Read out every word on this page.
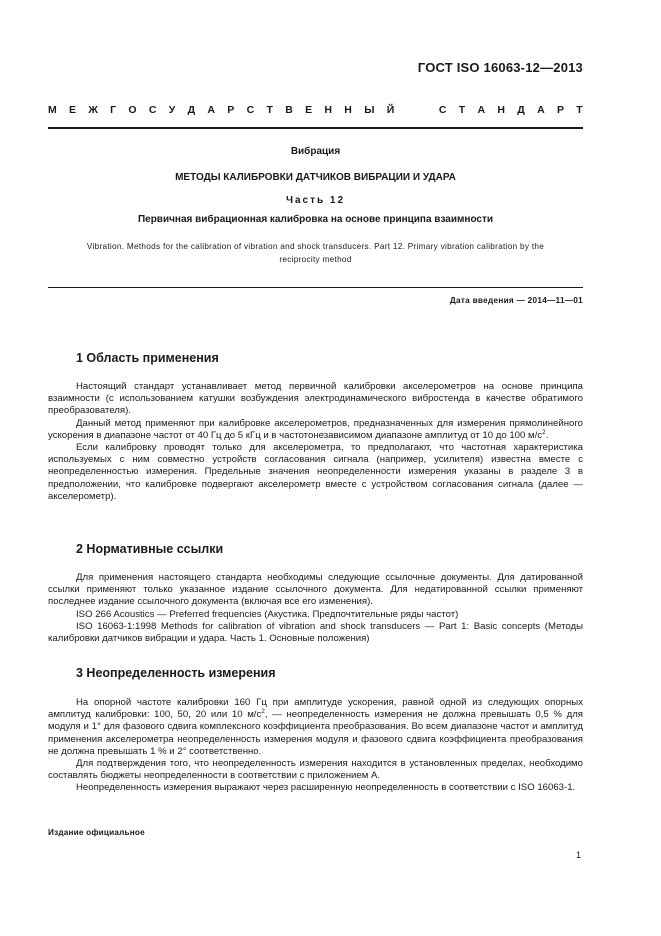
ГОСТ ISO 16063-12—2013
М Е Ж Г О С У Д А Р С Т В Е Н Н Ы Й	С Т А Н Д А Р Т
Вибрация
МЕТОДЫ КАЛИБРОВКИ ДАТЧИКОВ ВИБРАЦИИ И УДАРА
Часть 12
Первичная вибрационная калибровка на основе принципа взаимности
Vibration. Methods for the calibration of vibration and shock transducers. Part 12. Primary vibration calibration by the reciprocity method
Дата введения — 2014—11—01
1 Область применения

Настоящий стандарт устанавливает метод первичной калибровки акселерометров на основе принципа взаимности (с использованием катушки возбуждения электродинамического вибростенда в качестве обратимого преобразователя).

Данный метод применяют при калибровке акселерометров, предназначенных для измерения прямолинейного ускорения в диапазоне частот от 40 Гц до 5 кГц и в частотонезависимом диапазоне амплитуд от 10 до 100 $м/с^2$.

Если калибровку проводят только для акселерометра, то предполагают, что частотная характеристика используемых с ним совместно устройств согласования сигнала (например, усилителя) известна вместе с неопределенностью измерения. Предельные значения неопределенности измерения указаны в разделе 3 в предположении, что калибровке подвергают акселерометр вместе с устройством согласования сигнала (далее — акселерометр).

2 Нормативные ссылки

Для применения настоящего стандарта необходимы следующие ссылочные документы. Для датированной ссылки применяют только указанное издание ссылочного документа. Для недатированной ссылки применяют последнее издание ссылочного документа (включая все его изменения).

ISO 266 Acoustics — Preferred frequencies (Акустика. Предпочтительные ряды частот)

ISO 16063-1:1998 Methods for calibration of vibration and shock transducers — Part 1: Basic concepts (Методы калибровки датчиков вибрации и удара. Часть 1. Основные положения)

3 Неопределенность измерения

На опорной частоте калибровки 160 Гц при амплитуде ускорения, равной одной из следующих опорных амплитуд калибровки: 100, 50, 20 или 10 $м/с^2$, — неопределенность измерения не должна превышать 0,5 % для модуля и 1° для фазового сдвига комплексного коэффициента преобразования. Во всем диапазоне частот и амплитуд применения акселерометра неопределенность измерения модуля и фазового сдвига коэффициента преобразования не должна превышать 1 % и 2° соответственно.

Для подтверждения того, что неопределенность измерения находится в установленных пределах, необходимо составлять бюджеты неопределенности в соответствии с приложением А.

Неопределенность измерения выражают через расширенную неопределенность в соответствии с ISO 16063-1.

Издание официальное
1
